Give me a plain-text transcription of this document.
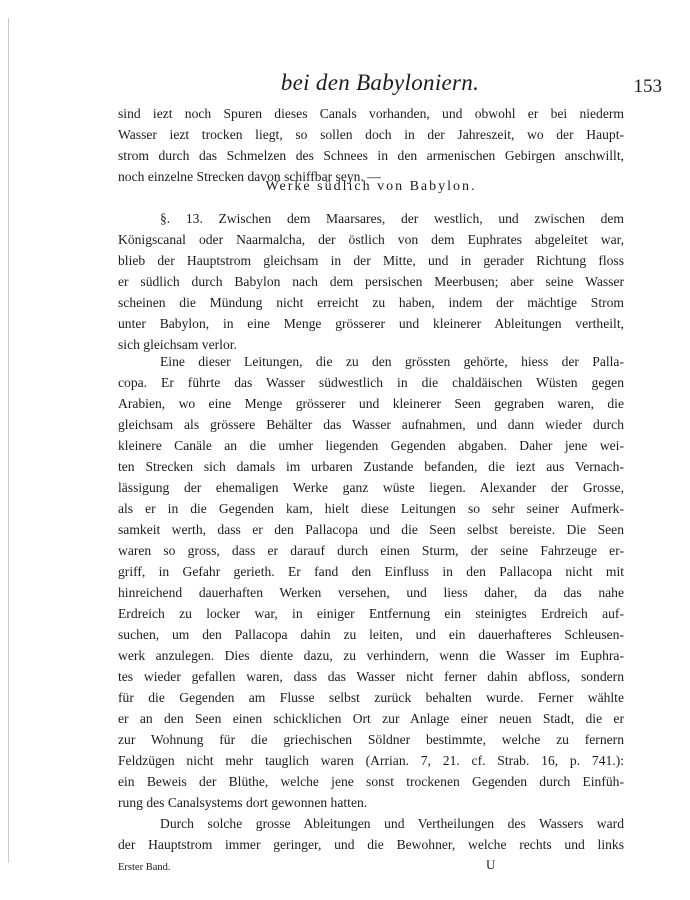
bei den Babyloniern.	153
sind iezt noch Spuren dieses Canals vorhanden, und obwohl er bei niederm
Wasser iezt trocken liegt, so sollen doch in der Jahreszeit, wo der Haupt-
strom durch das Schmelzen des Schnees in den armenischen Gebirgen anschwillt,
noch einzelne Strecken davon schiffbar seyn. —
Werke südlich von Babylon.
§. 13. Zwischen dem Maarsares, der westlich, und zwischen dem
Königscanal oder Naarmalcha, der östlich von dem Euphrates abgeleitet war,
blieb der Hauptstrom gleichsam in der Mitte, und in gerader Richtung floss
er südlich durch Babylon nach dem persischen Meerbusen; aber seine Wasser
scheinen die Mündung nicht erreicht zu haben, indem der mächtige Strom
unter Babylon, in eine Menge grösserer und kleinerer Ableitungen vertheilt,
sich gleichsam verlor.
Eine dieser Leitungen, die zu den grössten gehörte, hiess der Palla-
copa. Er führte das Wasser südwestlich in die chaldäischen Wüsten gegen
Arabien, wo eine Menge grösserer und kleinerer Seen gegraben waren, die
gleichsam als grössere Behälter das Wasser aufnahmen, und dann wieder durch
kleinere Canäle an die umher liegenden Gegenden abgaben. Daher jene wei-
ten Strecken sich damals im urbaren Zustande befanden, die iezt aus Vernach-
lässigung der ehemaligen Werke ganz wüste liegen. Alexander der Grosse,
als er in die Gegenden kam, hielt diese Leitungen so sehr seiner Aufmerk-
samkeit werth, dass er den Pallacopa und die Seen selbst bereiste. Die Seen
waren so gross, dass er darauf durch einen Sturm, der seine Fahrzeuge er-
griff, in Gefahr gerieth. Er fand den Einfluss in den Pallacopa nicht mit
hinreichend dauerhaften Werken versehen, und liess daher, da das nahe
Erdreich zu locker war, in einiger Entfernung ein steinigtes Erdreich auf-
suchen, um den Pallacopa dahin zu leiten, und ein dauerhafteres Schleusen-
werk anzulegen. Dies diente dazu, zu verhindern, wenn die Wasser im Euphra-
tes wieder gefallen waren, dass das Wasser nicht ferner dahin abfloss, sondern
für die Gegenden am Flusse selbst zurück behalten wurde. Ferner wählte
er an den Seen einen schicklichen Ort zur Anlage einer neuen Stadt, die er
zur Wohnung für die griechischen Söldner bestimmte, welche zu fernern
Feldzügen nicht mehr tauglich waren (Arrian. 7, 21. cf. Strab. 16, p. 741.):
ein Beweis der Blüthe, welche jene sonst trockenen Gegenden durch Einfüh-
rung des Canalsystems dort gewonnen hatten.
Durch solche grosse Ableitungen und Vertheilungen des Wassers ward
der Hauptstrom immer geringer, und die Bewohner, welche rechts und links
Erster Band.	U
